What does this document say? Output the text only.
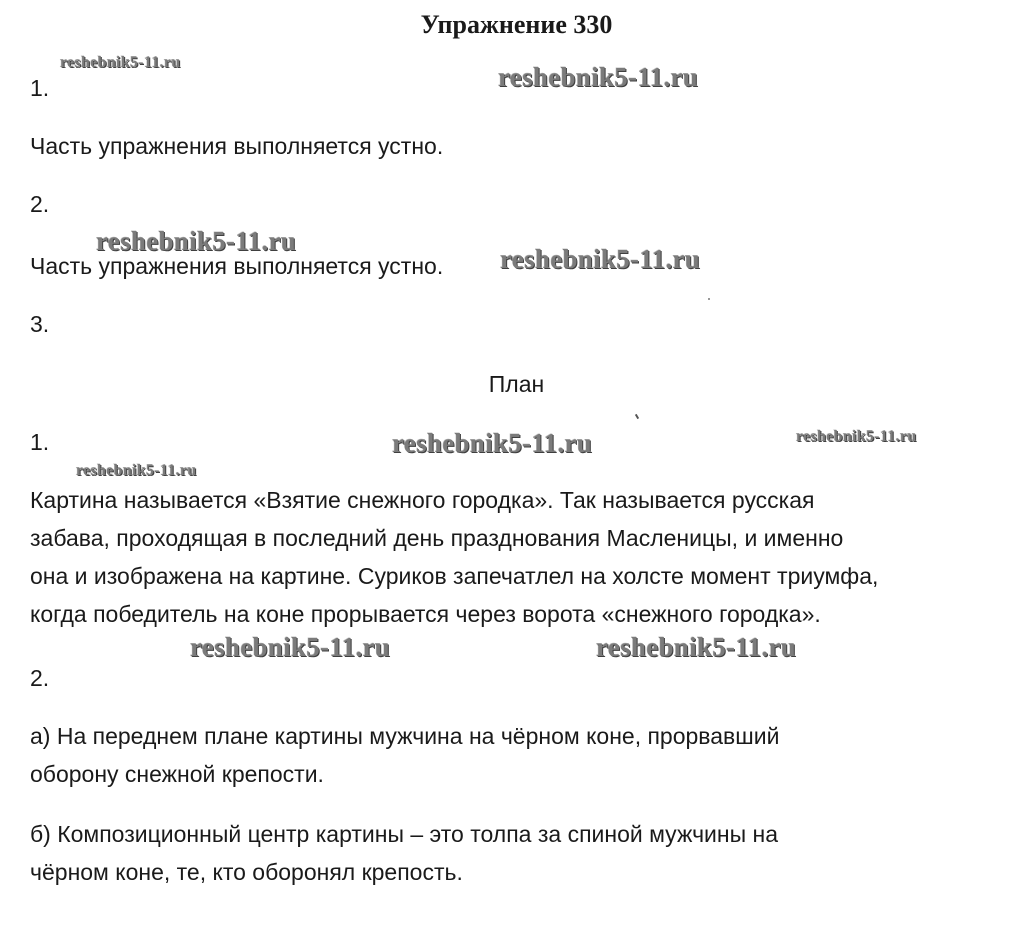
Упражнение 330
1.
Часть упражнения выполняется устно.
2.
Часть упражнения выполняется устно.
3.
План
1.
Картина называется «Взятие снежного городка». Так называется русская
забава, проходящая в последний день празднования Масленицы, и именно
она и изображена на картине. Суриков запечатлел на холсте момент триумфа,
когда победитель на коне прорывается через ворота «снежного городка».
2.
а) На переднем плане картины мужчина на чёрном коне, прорвавший
оборону снежной крепости.
б) Композиционный центр картины – это толпа за спиной мужчины на
чёрном коне, те, кто оборонял крепость.
reshebnik5-11.ru	reshebnik5-11.ru
reshebnik5-11.ru
reshebnik5-11.ru
reshebnik5-11.ru	reshebnik5-11.ru
reshebnik5-11.ru
reshebnik5-11.ru	reshebnik5-11.ru
